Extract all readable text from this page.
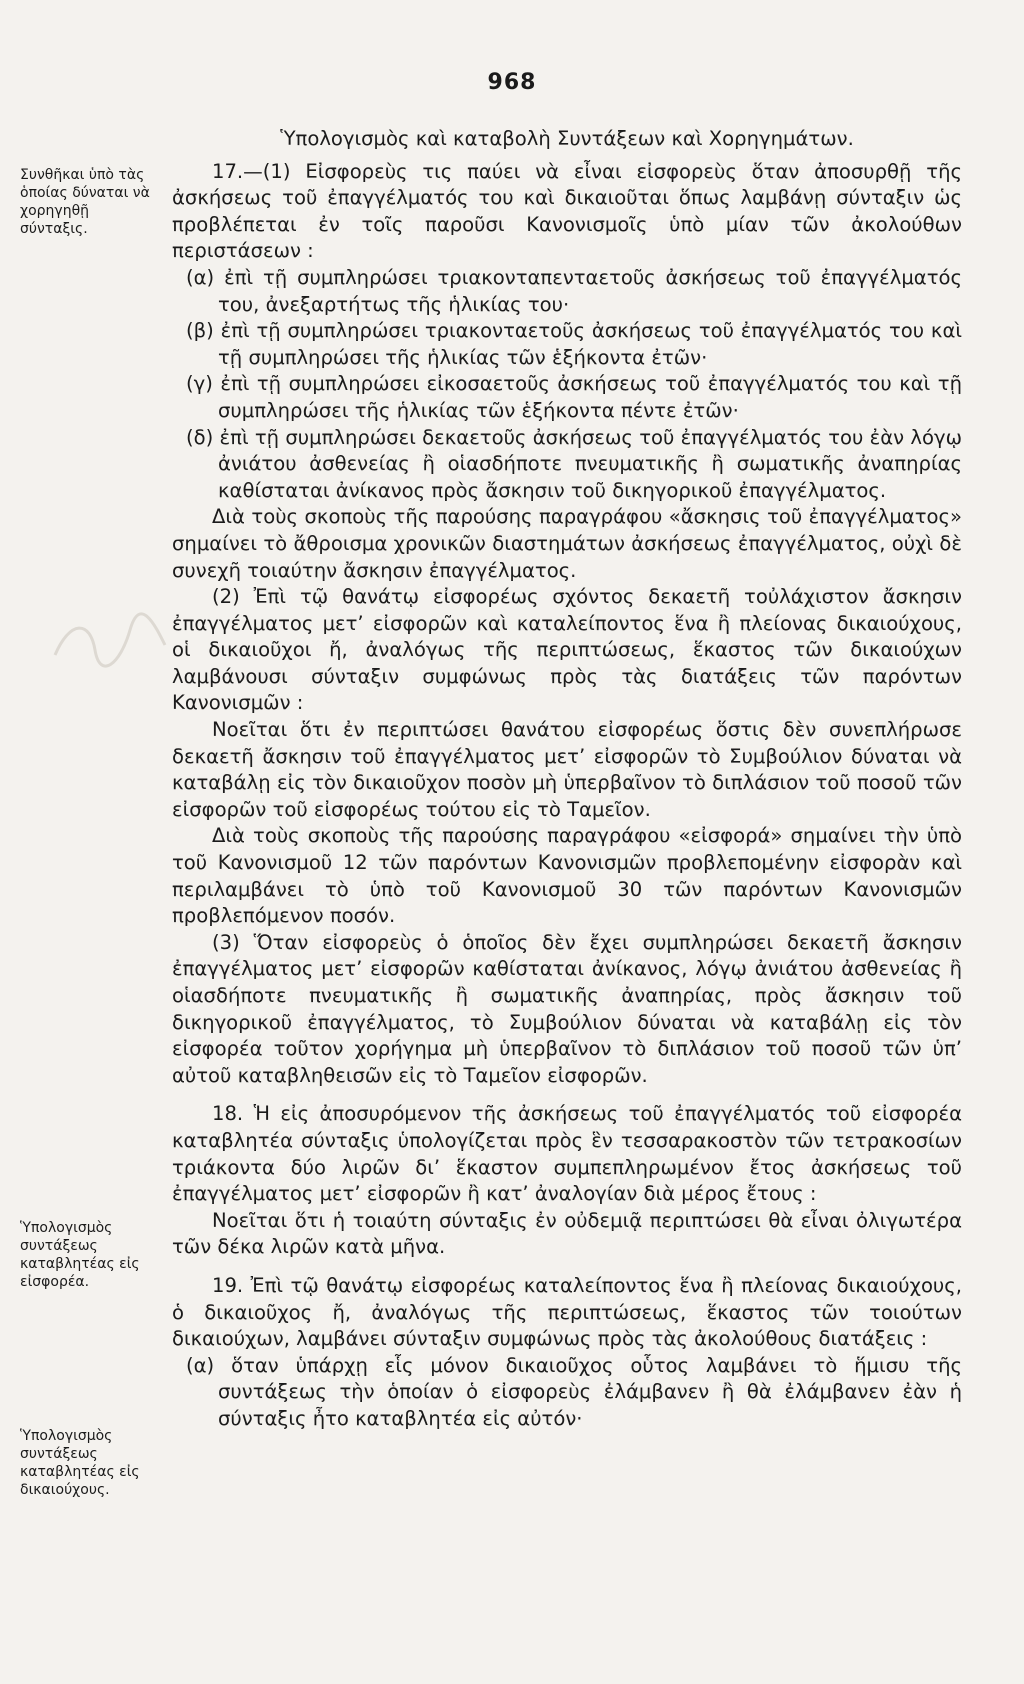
968
Συνθῆκαι ὑπὸ τὰς ὁποίας δύναται νὰ χορηγηθῇ σύνταξις.
Ὑπολογισμὸς συντάξεως καταβλητέας εἰς εἰσφορέα.
Ὑπολογισμὸς συντάξεως καταβλητέας εἰς δικαιούχους.

Ὑπολογισμὸς καὶ καταβολὴ Συντάξεων καὶ Χορηγημάτων.

17.—(1) Εἰσφορεὺς τις παύει νὰ εἶναι εἰσφορεὺς ὅταν ἀποσυρθῇ τῆς ἀσκήσεως τοῦ ἐπαγγέλματός του καὶ δικαιοῦται ὅπως λαμβάνῃ σύνταξιν ὡς προβλέπεται ἐν τοῖς παροῦσι Κανονισμοῖς ὑπὸ μίαν τῶν ἀκολούθων περιστάσεων :

(α) ἐπὶ τῇ συμπληρώσει τριακονταπενταετοῦς ἀσκήσεως τοῦ ἐπαγγέλματός του, ἀνεξαρτήτως τῆς ἡλικίας του·

(β) ἐπὶ τῇ συμπληρώσει τριακονταετοῦς ἀσκήσεως τοῦ ἐπαγγέλματός του καὶ τῇ συμπληρώσει τῆς ἡλικίας τῶν ἑξήκοντα ἐτῶν·

(γ) ἐπὶ τῇ συμπληρώσει εἰκοσαετοῦς ἀσκήσεως τοῦ ἐπαγγέλματός του καὶ τῇ συμπληρώσει τῆς ἡλικίας τῶν ἑξήκοντα πέντε ἐτῶν·

(δ) ἐπὶ τῇ συμπληρώσει δεκαετοῦς ἀσκήσεως τοῦ ἐπαγγέλματός του ἐὰν λόγῳ ἀνιάτου ἀσθενείας ἢ οἱασδήποτε πνευματικῆς ἢ σωματικῆς ἀναπηρίας καθίσταται ἀνίκανος πρὸς ἄσκησιν τοῦ δικηγορικοῦ ἐπαγγέλματος.

Διὰ τοὺς σκοποὺς τῆς παρούσης παραγράφου «ἄσκησις τοῦ ἐπαγγέλματος» σημαίνει τὸ ἄθροισμα χρονικῶν διαστημάτων ἀσκήσεως ἐπαγγέλματος, οὐχὶ δὲ συνεχῆ τοιαύτην ἄσκησιν ἐπαγγέλματος.

(2) Ἐπὶ τῷ θανάτῳ εἰσφορέως σχόντος δεκαετῆ τοὐλάχιστον ἄσκησιν ἐπαγγέλματος μετ’ εἰσφορῶν καὶ καταλείποντος ἕνα ἢ πλείονας δικαιούχους, οἱ δικαιοῦχοι ἤ, ἀναλόγως τῆς περιπτώσεως, ἕκαστος τῶν δικαιούχων λαμβάνουσι σύνταξιν συμφώνως πρὸς τὰς διατάξεις τῶν παρόντων Κανονισμῶν :

Νοεῖται ὅτι ἐν περιπτώσει θανάτου εἰσφορέως ὅστις δὲν συνεπλήρωσε δεκαετῆ ἄσκησιν τοῦ ἐπαγγέλματος μετ’ εἰσφορῶν τὸ Συμβούλιον δύναται νὰ καταβάλῃ εἰς τὸν δικαιοῦχον ποσὸν μὴ ὑπερβαῖνον τὸ διπλάσιον τοῦ ποσοῦ τῶν εἰσφορῶν τοῦ εἰσφορέως τούτου εἰς τὸ Ταμεῖον.

Διὰ τοὺς σκοποὺς τῆς παρούσης παραγράφου «εἰσφορά» σημαίνει τὴν ὑπὸ τοῦ Κανονισμοῦ 12 τῶν παρόντων Κανονισμῶν προβλεπομένην εἰσφορὰν καὶ περιλαμβάνει τὸ ὑπὸ τοῦ Κανονισμοῦ 30 τῶν παρόντων Κανονισμῶν προβλεπόμενον ποσόν.

(3) Ὅταν εἰσφορεὺς ὁ ὁποῖος δὲν ἔχει συμπληρώσει δεκαετῆ ἄσκησιν ἐπαγγέλματος μετ’ εἰσφορῶν καθίσταται ἀνίκανος, λόγῳ ἀνιάτου ἀσθενείας ἢ οἱασδήποτε πνευματικῆς ἢ σωματικῆς ἀναπηρίας, πρὸς ἄσκησιν τοῦ δικηγορικοῦ ἐπαγγέλματος, τὸ Συμβούλιον δύναται νὰ καταβάλῃ εἰς τὸν εἰσφορέα τοῦτον χορήγημα μὴ ὑπερβαῖνον τὸ διπλάσιον τοῦ ποσοῦ τῶν ὑπ’ αὐτοῦ καταβληθεισῶν εἰς τὸ Ταμεῖον εἰσφορῶν.

18. Ἡ εἰς ἀποσυρόμενον τῆς ἀσκήσεως τοῦ ἐπαγγέλματός τοῦ εἰσφορέα καταβλητέα σύνταξις ὑπολογίζεται πρὸς ἓν τεσσαρακοστὸν τῶν τετρακοσίων τριάκοντα δύο λιρῶν δι’ ἕκαστον συμπεπληρωμένον ἔτος ἀσκήσεως τοῦ ἐπαγγέλματος μετ’ εἰσφορῶν ἢ κατ’ ἀναλογίαν διὰ μέρος ἔτους :

Νοεῖται ὅτι ἡ τοιαύτη σύνταξις ἐν οὐδεμιᾷ περιπτώσει θὰ εἶναι ὀλιγωτέρα τῶν δέκα λιρῶν κατὰ μῆνα.

19. Ἐπὶ τῷ θανάτῳ εἰσφορέως καταλείποντος ἕνα ἢ πλείονας δικαιούχους, ὁ δικαιοῦχος ἤ, ἀναλόγως τῆς περιπτώσεως, ἕκαστος τῶν τοιούτων δικαιούχων, λαμβάνει σύνταξιν συμφώνως πρὸς τὰς ἀκολούθους διατάξεις :

(α) ὅταν ὑπάρχῃ εἷς μόνον δικαιοῦχος οὗτος λαμβάνει τὸ ἥμισυ τῆς συντάξεως τὴν ὁποίαν ὁ εἰσφορεὺς ἐλάμβανεν ἢ θὰ ἐλάμβανεν ἐὰν ἡ σύνταξις ἦτο καταβλητέα εἰς αὐτόν·
